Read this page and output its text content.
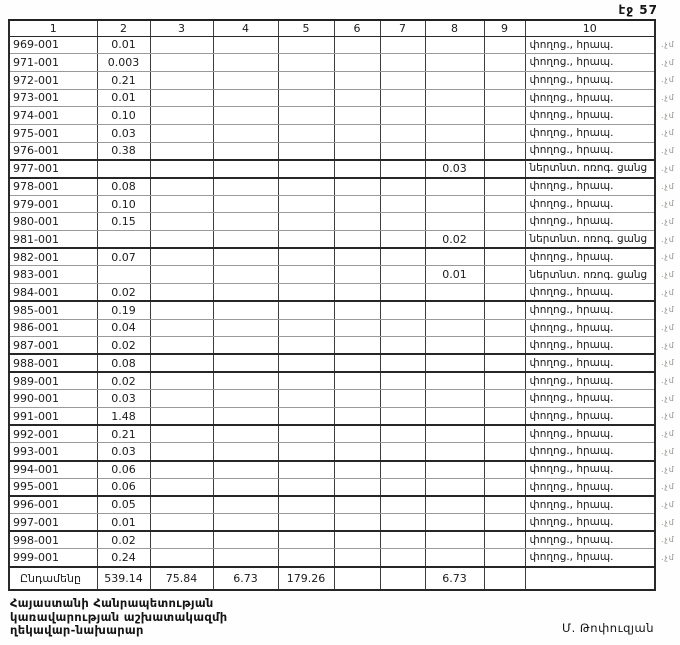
էջ 57
1	2	3	4	5	6	7	8	9	10
969-001	0.01								փողոց., հրապ.
971-001	0.003								փողոց., հրապ.
972-001	0.21								փողոց., հրապ.
973-001	0.01								փողոց., հրապ.
974-001	0.10								փողոց., հրապ.
975-001	0.03								փողոց., հրապ.
976-001	0.38								փողոց., հրապ.
977-001							0.03		ներտնտ. ոռոգ. ցանց
978-001	0.08								փողոց., հրապ.
979-001	0.10								փողոց., հրապ.
980-001	0.15								փողոց., հրապ.
981-001							0.02		ներտնտ. ոռոգ. ցանց
982-001	0.07								փողոց., հրապ.
983-001							0.01		ներտնտ. ոռոգ. ցանց
984-001	0.02								փողոց., հրապ.
985-001	0.19								փողոց., հրապ.
986-001	0.04								փողոց., հրապ.
987-001	0.02								փողոց., հրապ.
988-001	0.08								փողոց., հրապ.
989-001	0.02								փողոց., հրապ.
990-001	0.03								փողոց., հրապ.
991-001	1.48								փողոց., հրապ.
992-001	0.21								փողոց., հրապ.
993-001	0.03								փողոց., հրապ.
994-001	0.06								փողոց., հրապ.
995-001	0.06								փողոց., հրապ.
996-001	0.05								փողոց., հրապ.
997-001	0.01								փողոց., հրապ.
998-001	0.02								փողոց., հրապ.
999-001	0.24								փողոց., հրապ.
Ընդամենը	539.14	75.84	6.73	179.26			6.73		
.չմ
.չմ
.չմ
.չմ
.չմ
.չմ
.չմ
.չմ
.չմ
.չմ
.չմ
.չմ
.չմ
.չմ
.չմ
.չմ
.չմ
.չմ
.չմ
.չմ
.չմ
.չմ
.չմ
.չմ
.չմ
.չմ
.չմ
.չմ
.չմ
.չմ
Հայաստանի Հանրապետության
կառավարության աշխատակազմի
ղեկավար-նախարար	Մ. Թոփուզյան
